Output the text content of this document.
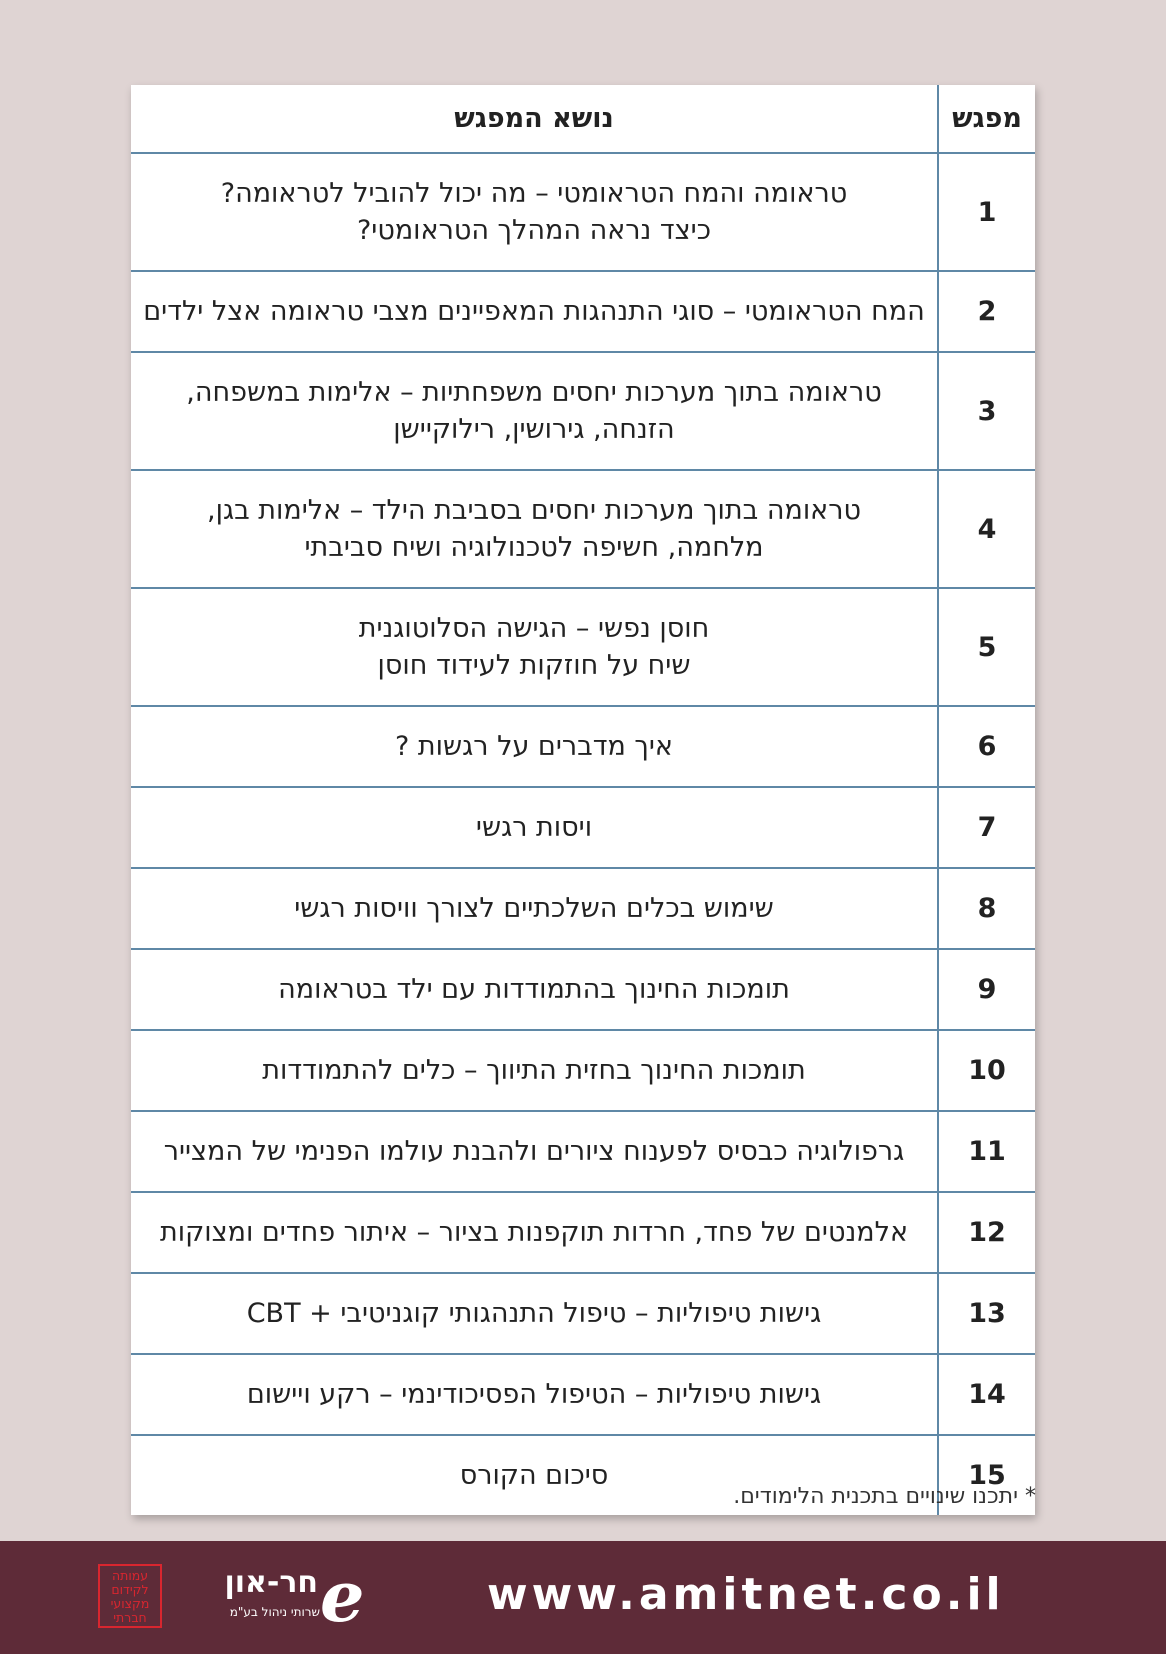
מפגש	נושא המפגש
1	טראומה והמח הטראומטי – מה יכול להוביל לטראומה?
כיצד נראה המהלך הטראומטי?

2	המח הטראומטי – סוגי התנהגות המאפיינים מצבי טראומה אצל ילדים

3	טראומה בתוך מערכות יחסים משפחתיות – אלימות במשפחה,
הזנחה, גירושין, רילוקיישן

4	טראומה בתוך מערכות יחסים בסביבת הילד – אלימות בגן,
מלחמה, חשיפה לטכנולוגיה ושיח סביבתי

5	חוסן נפשי – הגישה הסלוטוגנית
שיח על חוזקות לעידוד חוסן

6	איך מדברים על רגשות ?

7	ויסות רגשי

8	שימוש בכלים השלכתיים לצורך וויסות רגשי

9	תומכות החינוך בהתמודדות עם ילד בטראומה

10	תומכות החינוך בחזית התיווך – כלים להתמודדות

11	גרפולוגיה כבסיס לפענוח ציורים ולהבנת עולמו הפנימי של המצייר

12	אלמנטים של פחד, חרדות תוקפנות בציור – איתור פחדים ומצוקות

13	גישות טיפוליות – טיפול התנהגותי קוגניטיבי + CBT

14	גישות טיפוליות – הטיפול הפסיכודינמי – רקע ויישום

15	סיכום הקורס
* יתכנו שינויים בתכנית הלימודים.
www.amitnet.co.il
e
חר-און
שרותי ניהול בע"מ
עמותה
לקידום
מקצועי
חברתי
